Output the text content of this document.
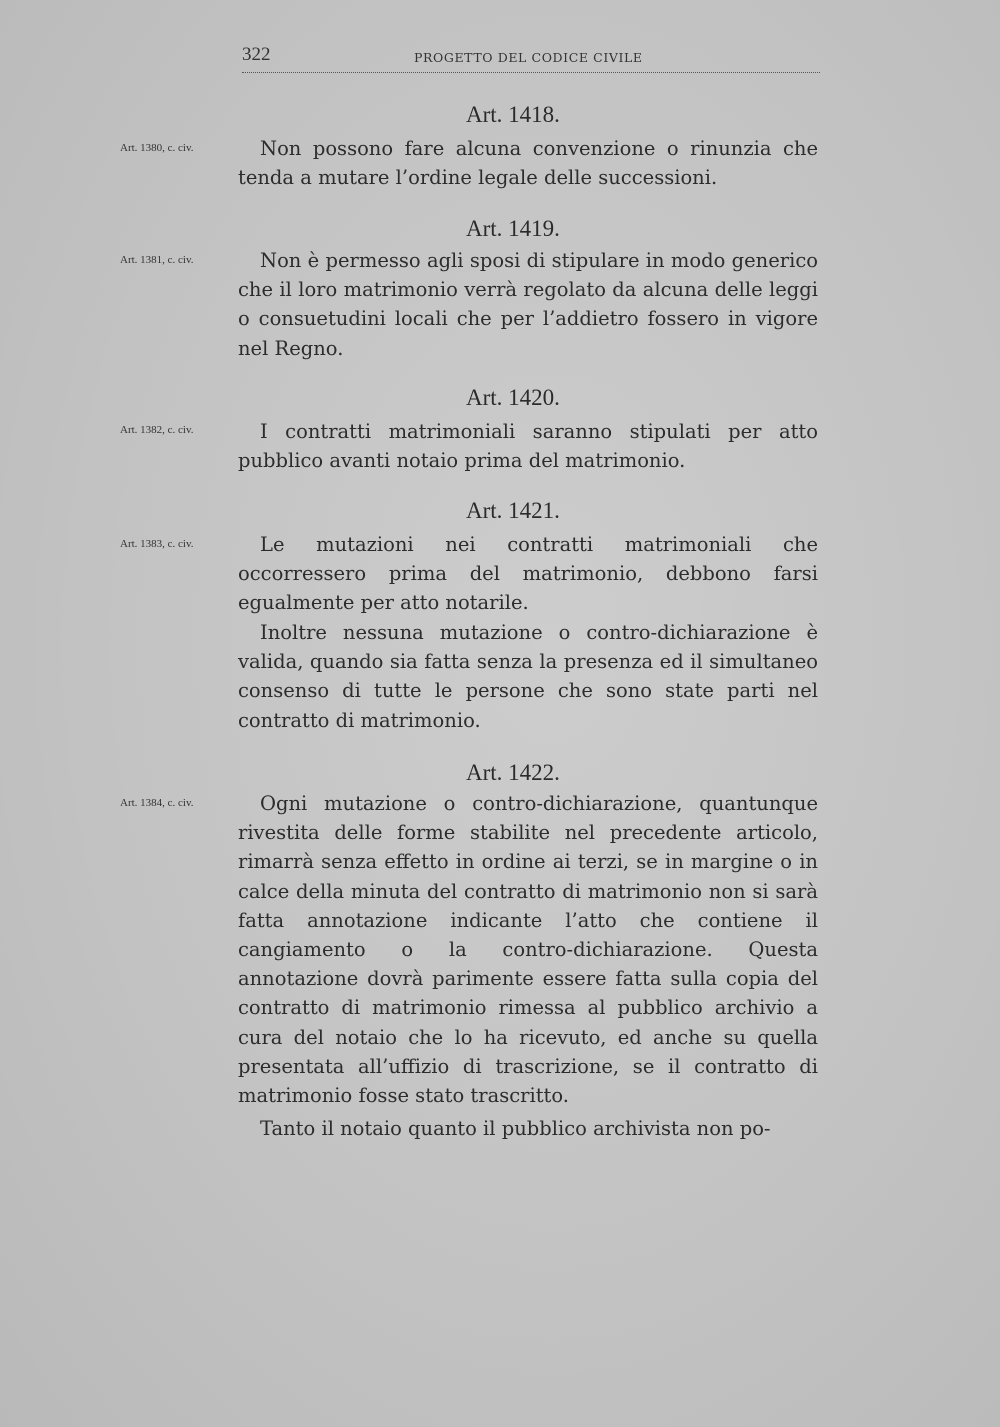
322	PROGETTO DEL CODICE CIVILE
Art. 1418.
Art. 1380, c. civ.	Non possono fare alcuna convenzione o rinunzia che tenda a mutare l’ordine legale delle successioni.

Art. 1419.
Art. 1381, c. civ.	Non è permesso agli sposi di stipulare in modo generico che il loro matrimonio verrà regolato da alcuna delle leggi o consuetudini locali che per l’addietro fossero in vigore nel Regno.

Art. 1420.
Art. 1382, c. civ.	I contratti matrimoniali saranno stipulati per atto pubblico avanti notaio prima del matrimonio.

Art. 1421.
Art. 1383, c. civ.	Le mutazioni nei contratti matrimoniali che occorressero prima del matrimonio, debbono farsi egualmente per atto notarile.

Inoltre nessuna mutazione o contro-dichiarazione è valida, quando sia fatta senza la presenza ed il simultaneo consenso di tutte le persone che sono state parti nel contratto di matrimonio.

Art. 1422.
Art. 1384, c. civ.	Ogni mutazione o contro-dichiarazione, quantunque rivestita delle forme stabilite nel precedente articolo, rimarrà senza effetto in ordine ai terzi, se in margine o in calce della minuta del contratto di matrimonio non si sarà fatta annotazione indicante l’atto che contiene il cangiamento o la contro-dichiarazione. Questa annotazione dovrà parimente essere fatta sulla copia del contratto di matrimonio rimessa al pubblico archivio a cura del notaio che lo ha ricevuto, ed anche su quella presentata all’uffizio di trascrizione, se il contratto di matrimonio fosse stato trascritto.

Tanto il notaio quanto il pubblico archivista non po-
